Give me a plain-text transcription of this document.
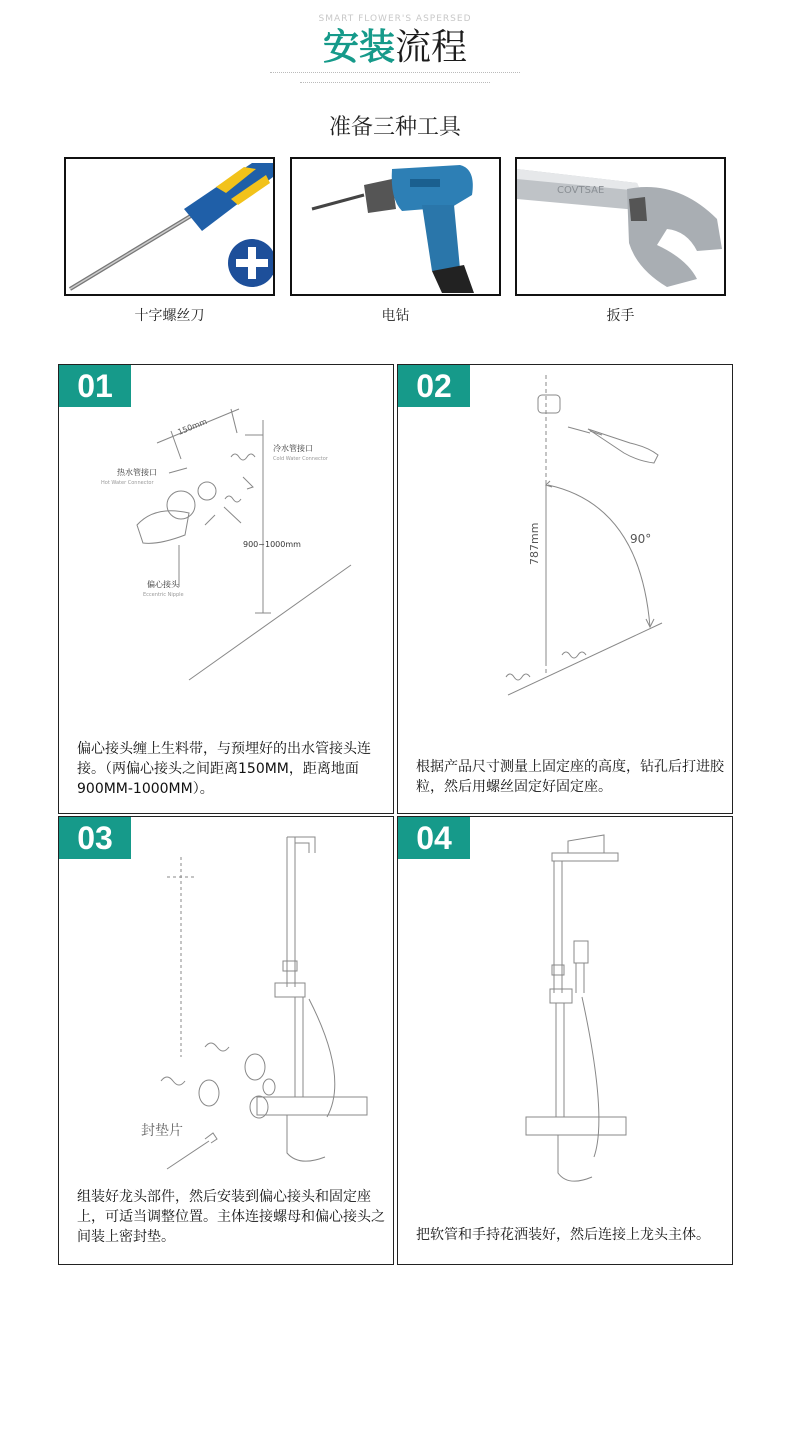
SMART FLOWER'S ASPERSED
安装流程
准备三种工具
十字螺丝刀	电钻
COVTSAE
扳手
01
150mm
冷水管接口
Cold Water Connector
热水管接口
Hot Water Connector
偏心接头
Eccentric Nipple
900~1000mm
偏心接头缠上生料带，与预埋好的出水管接头连接。（两偏心接头之间距离150MM，距离地面900MM-1000MM）。
02
787mm	90°
根据产品尺寸测量上固定座的高度，钻孔后打进胶粒，然后用螺丝固定好固定座。
03
封垫片
组装好龙头部件，然后安装到偏心接头和固定座上，可适当调整位置。主体连接螺母和偏心接头之间装上密封垫。
04
把软管和手持花洒装好，然后连接上龙头主体。
